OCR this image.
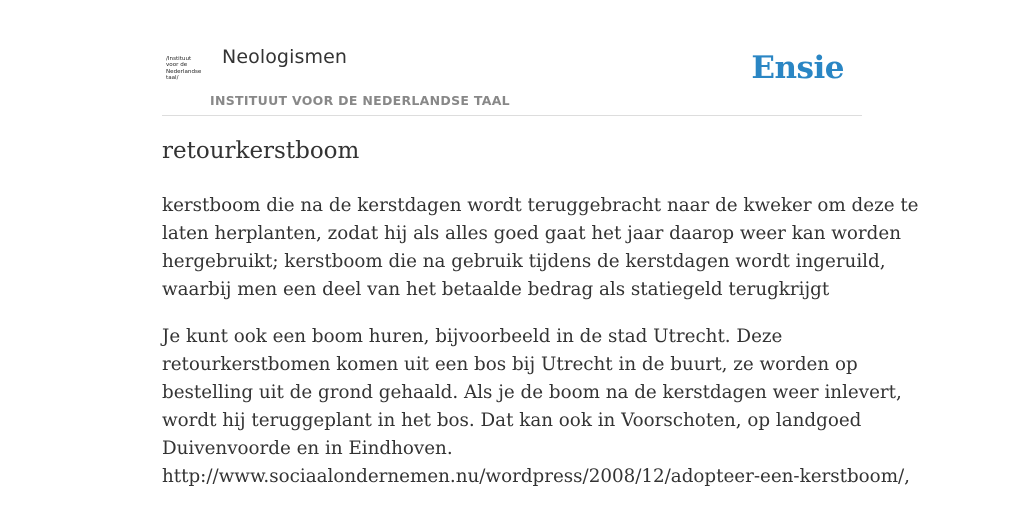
/Instituut
voor de
Nederlandse
taal/
Neologismen
INSTITUUT VOOR DE NEDERLANDSE TAAL
Ensie
retourkerstboom

kerstboom die na de kerstdagen wordt teruggebracht naar de kweker om deze te
laten herplanten, zodat hij als alles goed gaat het jaar daarop weer kan worden
hergebruikt; kerstboom die na gebruik tijdens de kerstdagen wordt ingeruild,
waarbij men een deel van het betaalde bedrag als statiegeld terugkrijgt

Je kunt ook een boom huren, bijvoorbeeld in de stad Utrecht. Deze
retourkerstbomen komen uit een bos bij Utrecht in de buurt, ze worden op
bestelling uit de grond gehaald. Als je de boom na de kerstdagen weer inlevert,
wordt hij teruggeplant in het bos. Dat kan ook in Voorschoten, op landgoed
Duivenvoorde en in Eindhoven.
http://www.sociaalondernemen.nu/wordpress/2008/12/adopteer-een-kerstboom/,
